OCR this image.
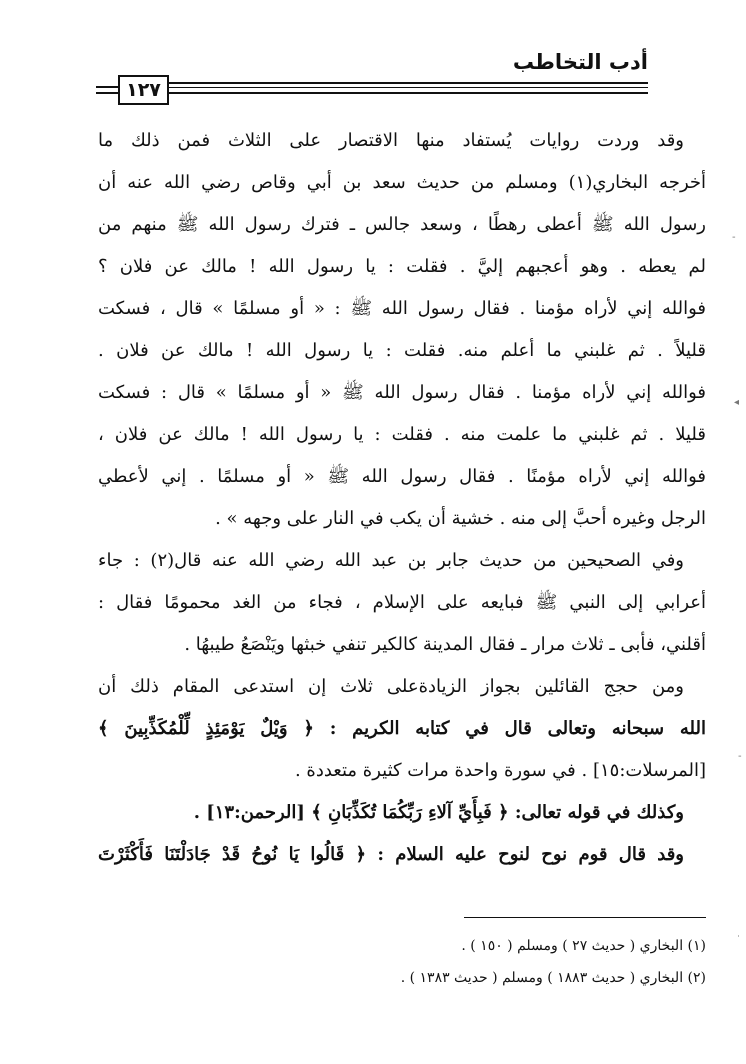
أدب التخاطب
١٢٧
وقد وردت روايات يُستفاد منها الاقتصار على الثلاث فمن ذلك ما
أخرجه البخاري(١) ومسلم من حديث سعد بن أبي وقاص رضي الله عنه أن
رسول الله ﷺ أعطى رهطًا ، وسعد جالس ـ فترك رسول الله ﷺ منهم من
لم يعطه . وهو أعجبهم إليَّ . فقلت : يا رسول الله ! مالك عن فلان ؟
فوالله إني لأراه مؤمنا . فقال رسول الله ﷺ : « أو مسلمًا » قال ، فسكت
قليلاً . ثم غلبني ما أعلم منه. فقلت : يا رسول الله ! مالك عن فلان .
فوالله إني لأراه مؤمنا . فقال رسول الله ﷺ « أو مسلمًا » قال : فسكت
قليلا . ثم غلبني ما علمت منه . فقلت : يا رسول الله ! مالك عن فلان ،
فوالله إني لأراه مؤمنًا . فقال رسول الله ﷺ « أو مسلمًا . إني لأعطي
الرجل وغيره أحبَّ إلى منه . خشية أن يكب في النار على وجهه » .
وفي الصحيحين من حديث جابر بن عبد الله رضي الله عنه قال(٢) : جاء
أعرابي إلى النبي ﷺ فبايعه على الإسلام ، فجاء من الغد محمومًا فقال :
أقلني، فأبى ـ ثلاث مرار ـ فقال المدينة كالكير تنفي خبثها ويَنْصَعُ طيبهُا .
ومن حجج القائلين بجواز الزيادةعلى ثلاث إن استدعى المقام ذلك أن
الله سبحانه وتعالى قال في كتابه الكريم : ﴿ وَيْلٌ يَوْمَئِذٍ لِّلْمُكَذِّبِينَ ﴾
[المرسلات:١٥] . في سورة واحدة مرات كثيرة متعددة .
وكذلك في قوله تعالى: ﴿ فَبِأَيِّ آلاءِ رَبِّكُمَا تُكَذِّبَانِ ﴾ [الرحمن:١٣] .
وقد قال قوم نوح لنوح عليه السلام : ﴿ قَالُوا يَا نُوحُ قَدْ جَادَلْتَنَا فَأَكْثَرْتَ
(١) البخاري ( حديث ٢٧ ) ومسلم ( ١٥٠ ) .
(٢) البخاري ( حديث ١٨٨٣ ) ومسلم ( حديث ١٣٨٣ ) .
-
◂
-
˙
